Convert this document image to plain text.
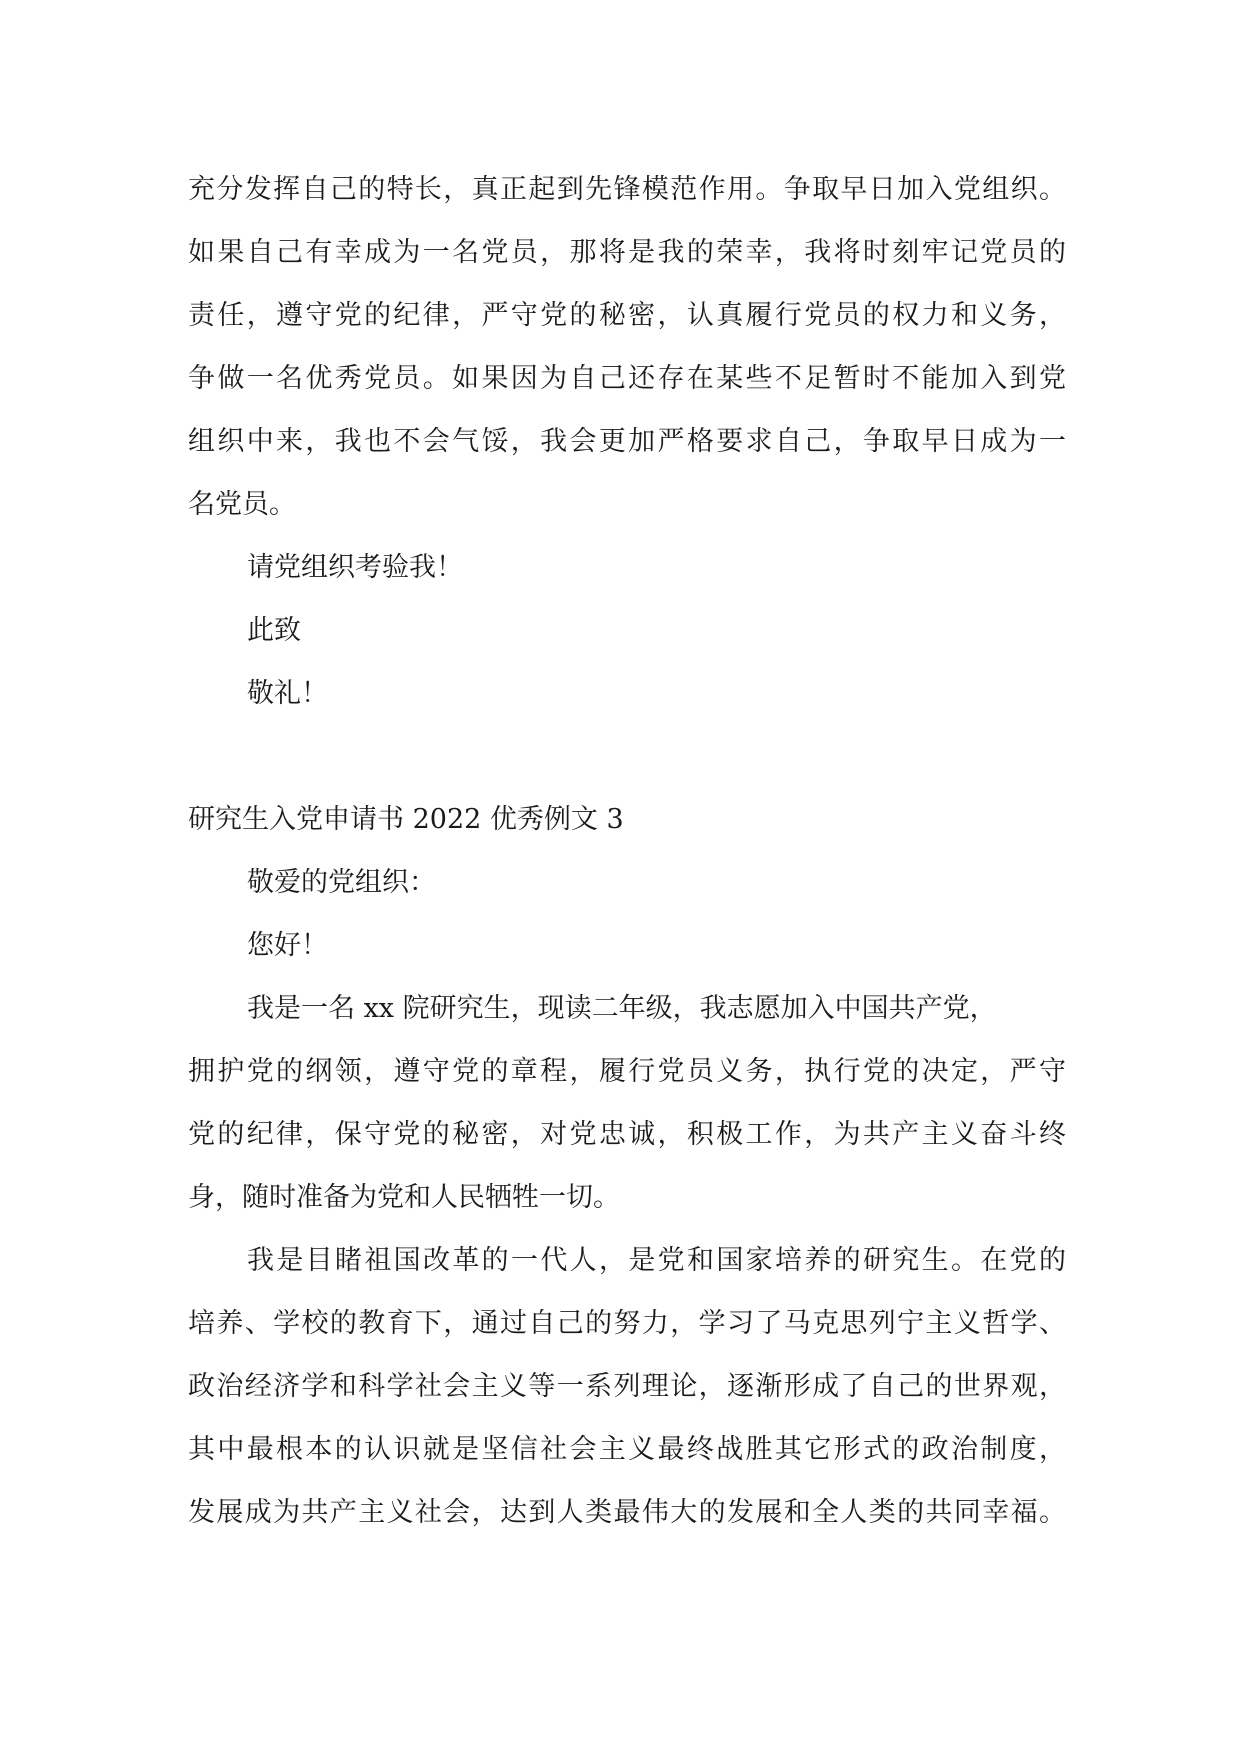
充分发挥自己的特长，真正起到先锋模范作用。争取早日加入党组织。
如果自己有幸成为一名党员，那将是我的荣幸，我将时刻牢记党员的
责任，遵守党的纪律，严守党的秘密，认真履行党员的权力和义务，
争做一名优秀党员。如果因为自己还存在某些不足暂时不能加入到党
组织中来，我也不会气馁，我会更加严格要求自己，争取早日成为一
名党员。
请党组织考验我！
此致
敬礼！
研究生入党申请书 2022 优秀例文 3
敬爱的党组织：
您好！
我是一名 xx 院研究生，现读二年级，我志愿加入中国共产党，
拥护党的纲领，遵守党的章程，履行党员义务，执行党的决定，严守
党的纪律，保守党的秘密，对党忠诚，积极工作，为共产主义奋斗终
身，随时准备为党和人民牺牲一切。
我是目睹祖国改革的一代人，是党和国家培养的研究生。在党的
培养、学校的教育下，通过自己的努力，学习了马克思列宁主义哲学、
政治经济学和科学社会主义等一系列理论，逐渐形成了自己的世界观，
其中最根本的认识就是坚信社会主义最终战胜其它形式的政治制度，
发展成为共产主义社会，达到人类最伟大的发展和全人类的共同幸福。
